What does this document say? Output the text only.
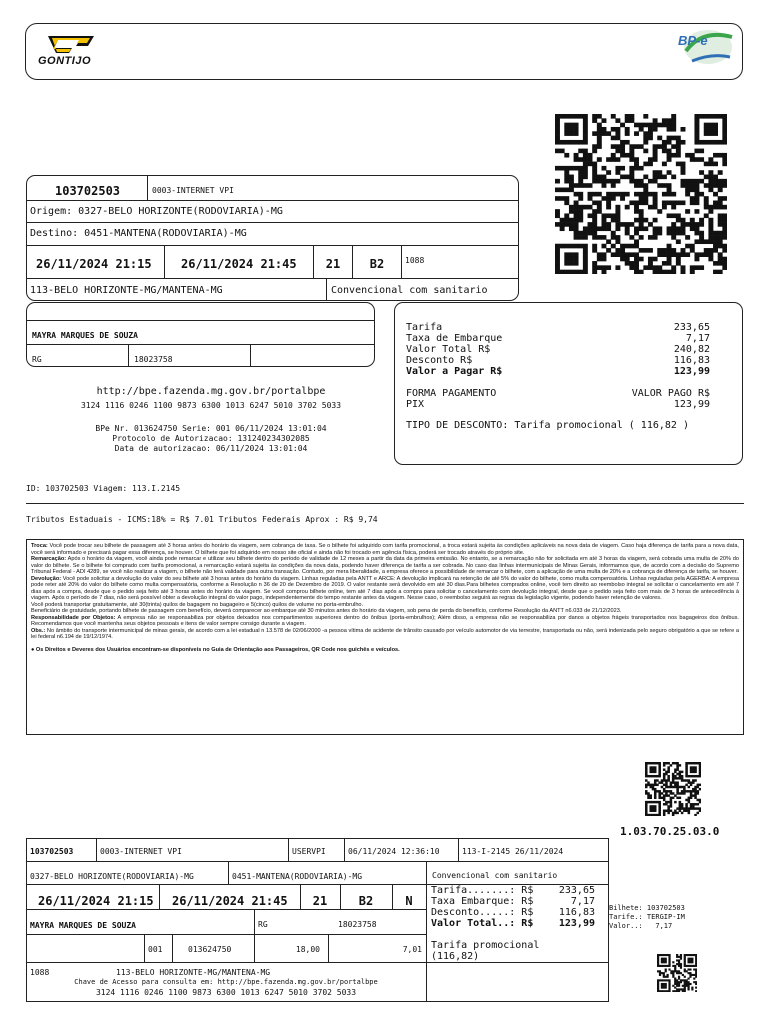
GONTIJO
BP-e
103702503	0003-INTERNET VPI
Origem: 0327-BELO HORIZONTE(RODOVIARIA)-MG
Destino: 0451-MANTENA(RODOVIARIA)-MG
26/11/2024 21:15 26/11/2024 21:45	21	B2	1088
113-BELO HORIZONTE-MG/MANTENA-MG	Convencional com sanitario
MAYRA MARQUES DE SOUZA
RG	18023758
http://bpe.fazenda.mg.gov.br/portalbpe
3124 1116 0246 1100 9873 6300 1013 6247 5010 3702 5033
BPe Nr. 013624750 Serie: 001 06/11/2024 13:01:04
Protocolo de Autorizacao: 131240234302085
Data de autorizacao: 06/11/2024 13:01:04
Tarifa	233,65
Taxa de Embarque	7,17
Valor Total R$	240,82
Desconto R$	116,83
Valor a Pagar R$	123,99
FORMA PAGAMENTO	VALOR PAGO R$
PIX	123,99
TIPO DE DESCONTO: Tarifa promocional ( 116,82 )
ID: 103702503 Viagem: 113.I.2145
Tributos Estaduais - ICMS:18% = R$ 7.01 Tributos Federais Aprox : R$ 9,74

Troca: Você pode trocar seu bilhete de passagem até 3 horas antes do horário da viagem, sem cobrança de taxa. Se o bilhete foi adquirido com tarifa promocional, a troca estará sujeita às condições aplicáveis na nova data de viagem. Caso haja diferença de tarifa para a nova data, você será informado e precisará pagar essa diferença, se houver. O bilhete que foi adquirido em nosso site oficial e ainda não foi trocado em agência física, poderá ser trocado através do próprio site.

Remarcação: Após o horário da viagem, você ainda pode remarcar e utilizar seu bilhete dentro do período de validade de 12 meses a partir da data da primeira emissão. No entanto, se a remarcação não for solicitada em até 3 horas da viagem, será cobrada uma multa de 20% do valor do bilhete. Se o bilhete foi comprado com tarifa promocional, a remarcação estará sujeita às condições da nova data, podendo haver diferença de tarifa a ser cobrada. No caso das linhas intermunicipais de Minas Gerais, informamos que, de acordo com a decisão do Supremo Tribunal Federal - ADI 4289, se você não realizar a viagem, o bilhete não terá validade para outra transação. Contudo, por mera liberalidade, a empresa oferece a possibilidade de remarcar o bilhete, com a aplicação de uma multa de 20% e a cobrança de diferença de tarifa, se houver.

Devolução: Você pode solicitar a devolução do valor do seu bilhete até 3 horas antes do horário da viagem. Linhas reguladas pela ANTT e ARCE: A devolução implicará na retenção de até 5% do valor do bilhete, como multa compensatória. Linhas reguladas pela AGERBA: A empresa pode reter até 20% do valor do bilhete como multa compensatória, conforme a Resolução n 36 de 20 de Dezembro de 2019. O valor restante será devolvido em até 30 dias.Para bilhetes comprados online, você tem direito ao reembolso integral se solicitar o cancelamento em até 7 dias após a compra, desde que o pedido seja feito até 3 horas antes do horário da viagem. Se você comprou bilhete online, tem até 7 dias após a compra para solicitar o cancelamento com devolução integral, desde que o pedido seja feito com mais de 3 horas de antecedência à viagem. Após o período de 7 dias, não será possível obter a devolução integral do valor pago, independentemente do tempo restante antes da viagem. Nesse caso, o reembolso seguirá as regras da legislação vigente, podendo haver retenção de valores.

Você poderá transportar gratuitamente, até 30(trinta) quilos de bagagem no bagageiro e 5(cinco) quilos de volume no porta-embrulho.

Beneficiário de gratuidade, portando bilhete de passagem com benefício, deverá comparecer ao embarque até 30 minutos antes do horário da viagem, sob pena de perda do benefício, conforme Resolução da ANTT n6.033 de 21/12/2023.

Responsabilidade por Objetos: A empresa não se responsabiliza por objetos deixados nos compartimentos superiores dentro do ônibus (porta-embrulhos); Além disso, a empresa não se responsabiliza por danos a objetos frágeis transportados nos bagageiros dos ônibus. Recomendamos que você mantenha seus objetos pessoais e itens de valor sempre consigo durante a viagem.

Obs.: No âmbito do transporte intermunicipal de minas gerais, de acordo com a lei estadual n 13.578 de 02/06/2000 -a pessoa vítima de acidente de trânsito causado por veículo automotor de via terrestre, transportada ou não, será indenizada pelo seguro obrigatório a que se refere a lei federal n6.194 de 19/12/1974.

● Os Direitos e Deveres dos Usuários encontram-se disponíveis no Guia de Orientação aos Passageiros, QR Code nos guichês e veículos.

1.03.70.25.03.0
103702503	0003-INTERNET VPI	USERVPI	06/11/2024 12:36:10	113-I-2145 26/11/2024
0327-BELO HORIZONTE(RODOVIARIA)-MG	0451-MANTENA(RODOVIARIA)-MG	Convencional com sanitario
26/11/2024 21:15 26/11/2024 21:45	21	B2	N
MAYRA MARQUES DE SOUZA	RG	18023758
001	013624750	18,00	7,01
1088	113-BELO HORIZONTE-MG/MANTENA-MG
Chave de Acesso para consulta em: http://bpe.fazenda.mg.gov.br/portalbpe
3124 1116 0246 1100 9873 6300 1013 6247 5010 3702 5033
Tarifa.......: R$	233,65
Taxa Embarque: R$	7,17
Desconto.....: R$	116,83
Valor Total..: R$	123,99
Tarifa promocional
(116,82)
Bilhete: 103702503
Tarife.: TERGIP-IM
Valor..:   7,17
